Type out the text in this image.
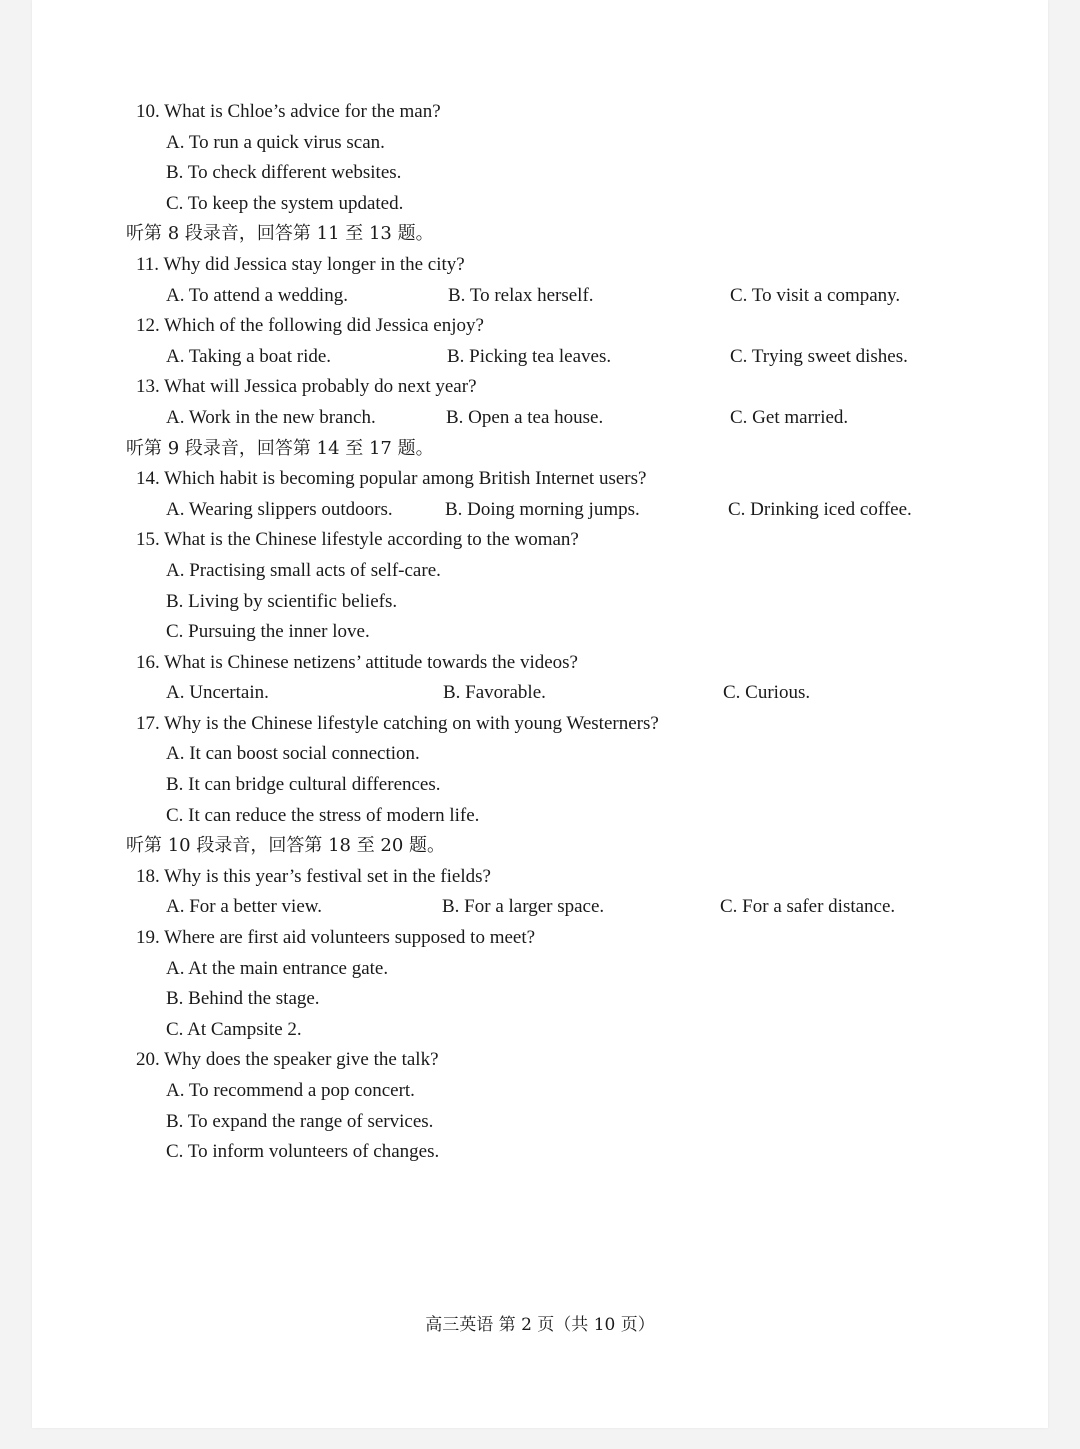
10. What is Chloe’s advice for the man?
A. To run a quick virus scan.
B. To check different websites.
C. To keep the system updated.
听第 8 段录音，回答第 11 至 13 题。
11. Why did Jessica stay longer in the city?
A. To attend a wedding.	B. To relax herself.	C. To visit a company.
12. Which of the following did Jessica enjoy?
A. Taking a boat ride.	B. Picking tea leaves.	C. Trying sweet dishes.
13. What will Jessica probably do next year?
A. Work in the new branch.	B. Open a tea house.	C. Get married.
听第 9 段录音，回答第 14 至 17 题。
14. Which habit is becoming popular among British Internet users?
A. Wearing slippers outdoors.	B. Doing morning jumps.	C. Drinking iced coffee.
15. What is the Chinese lifestyle according to the woman?
A. Practising small acts of self-care.
B. Living by scientific beliefs.
C. Pursuing the inner love.
16. What is Chinese netizens’ attitude towards the videos?
A. Uncertain.	B. Favorable.	C. Curious.
17. Why is the Chinese lifestyle catching on with young Westerners?
A. It can boost social connection.
B. It can bridge cultural differences.
C. It can reduce the stress of modern life.
听第 10 段录音，回答第 18 至 20 题。
18. Why is this year’s festival set in the fields?
A. For a better view.	B. For a larger space.	C. For a safer distance.
19. Where are first aid volunteers supposed to meet?
A. At the main entrance gate.
B. Behind the stage.
C. At Campsite 2.
20. Why does the speaker give the talk?
A. To recommend a pop concert.
B. To expand the range of services.
C. To inform volunteers of changes.
高三英语 第 2 页（共 10 页）
